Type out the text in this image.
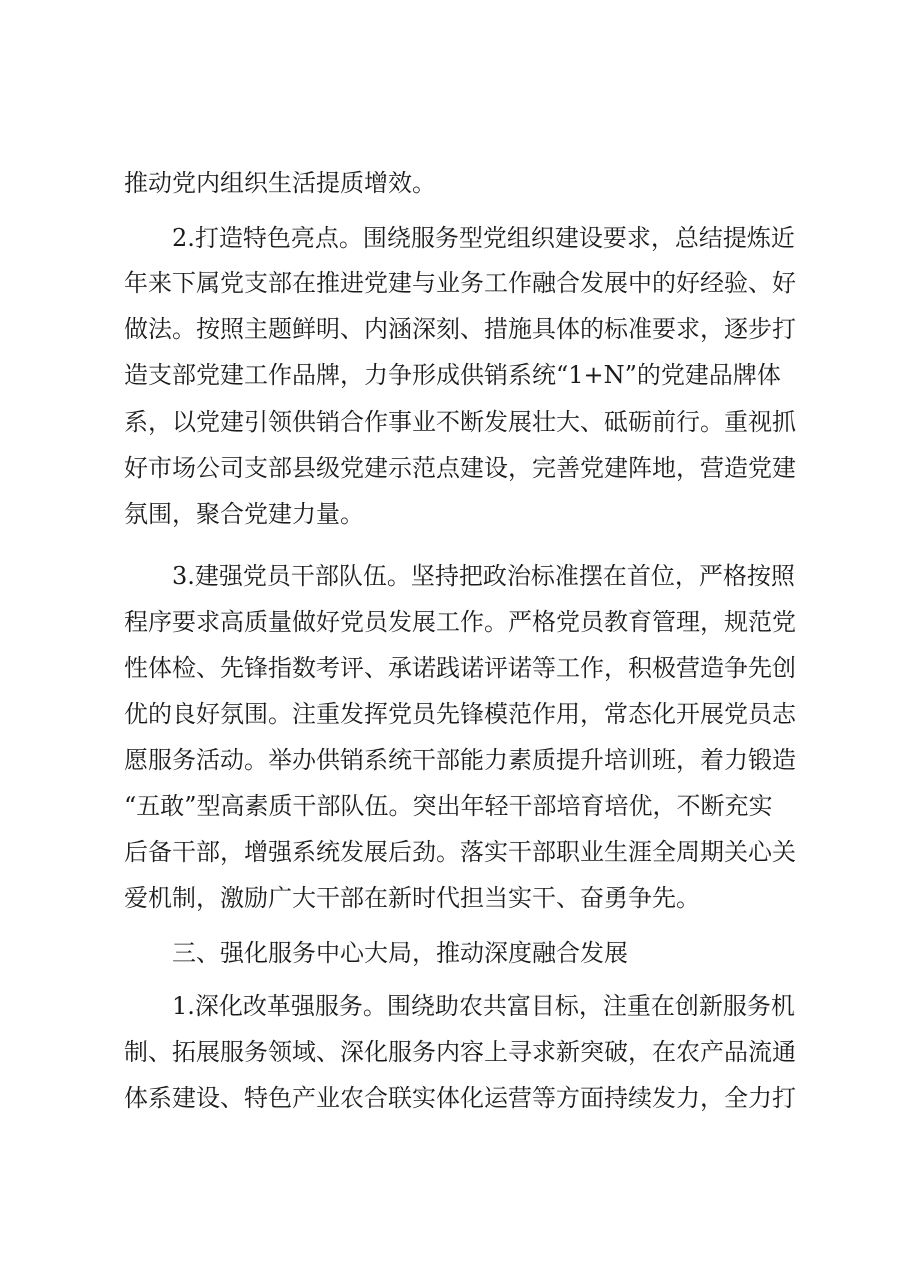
推动党内组织生活提质增效。
2.打造特色亮点。围绕服务型党组织建设要求，总结提炼近
年来下属党支部在推进党建与业务工作融合发展中的好经验、好
做法。按照主题鲜明、内涵深刻、措施具体的标准要求，逐步打
造支部党建工作品牌，力争形成供销系统“1+N”的党建品牌体
系，以党建引领供销合作事业不断发展壮大、砥砺前行。重视抓
好市场公司支部县级党建示范点建设，完善党建阵地，营造党建
氛围，聚合党建力量。
3.建强党员干部队伍。坚持把政治标准摆在首位，严格按照
程序要求高质量做好党员发展工作。严格党员教育管理，规范党
性体检、先锋指数考评、承诺践诺评诺等工作，积极营造争先创
优的良好氛围。注重发挥党员先锋模范作用，常态化开展党员志
愿服务活动。举办供销系统干部能力素质提升培训班，着力锻造
“五敢”型高素质干部队伍。突出年轻干部培育培优，不断充实
后备干部，增强系统发展后劲。落实干部职业生涯全周期关心关
爱机制，激励广大干部在新时代担当实干、奋勇争先。
三、强化服务中心大局，推动深度融合发展
1.深化改革强服务。围绕助农共富目标，注重在创新服务机
制、拓展服务领域、深化服务内容上寻求新突破，在农产品流通
体系建设、特色产业农合联实体化运营等方面持续发力，全力打
